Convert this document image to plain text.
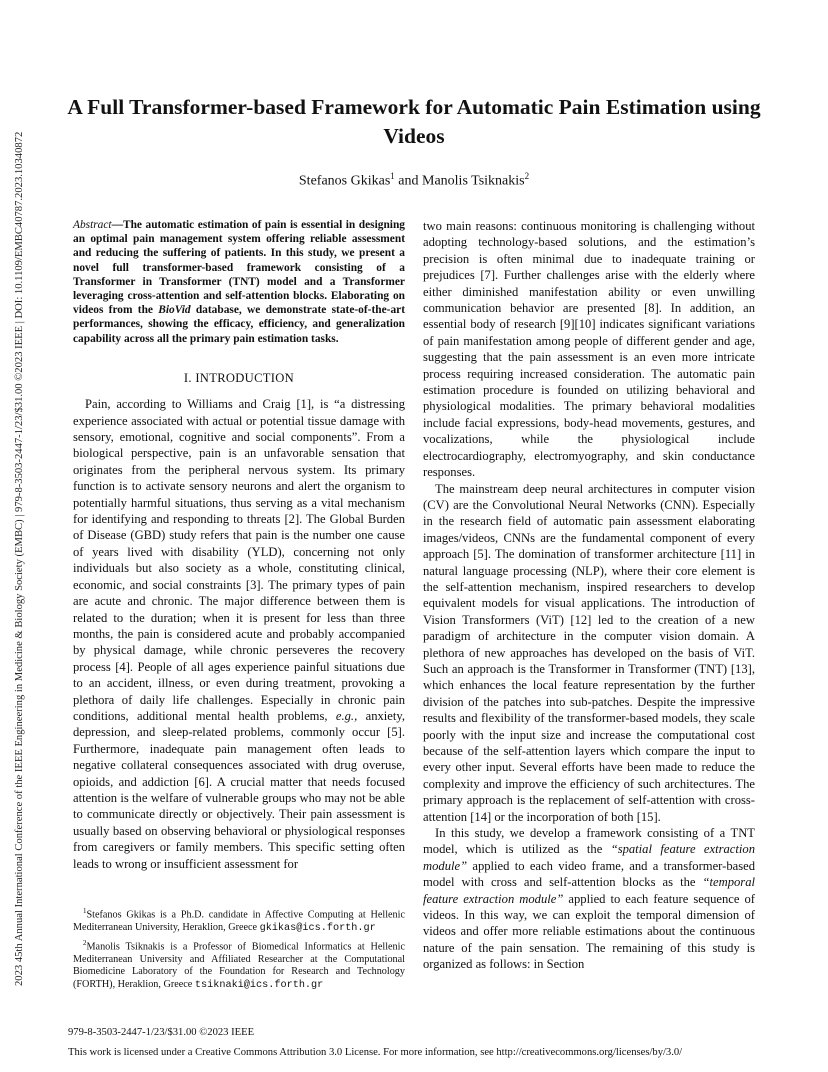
2023 45th Annual International Conference of the IEEE Engineering in Medicine & Biology Society (EMBC) | 979-8-3503-2447-1/23/$31.00 ©2023 IEEE | DOI: 10.1109/EMBC40787.2023.10340872
A Full Transformer-based Framework for Automatic Pain Estimation using Videos
Stefanos Gkikas$^1$ and Manolis Tsiknakis$^2$

Abstract—The automatic estimation of pain is essential in designing an optimal pain management system offering reliable assessment and reducing the suffering of patients. In this study, we present a novel full transformer-based framework consisting of a Transformer in Transformer (TNT) model and a Transformer leveraging cross-attention and self-attention blocks. Elaborating on videos from the BioVid database, we demonstrate state-of-the-art performances, showing the efficacy, efficiency, and generalization capability across all the primary pain estimation tasks.

I. INTRODUCTION

Pain, according to Williams and Craig [1], is “a distressing experience associated with actual or potential tissue damage with sensory, emotional, cognitive and social components”. From a biological perspective, pain is an unfavorable sensation that originates from the peripheral nervous system. Its primary function is to activate sensory neurons and alert the organism to potentially harmful situations, thus serving as a vital mechanism for identifying and responding to threats [2]. The Global Burden of Disease (GBD) study refers that pain is the number one cause of years lived with disability (YLD), concerning not only individuals but also society as a whole, constituting clinical, economic, and social constraints [3]. The primary types of pain are acute and chronic. The major difference between them is related to the duration; when it is present for less than three months, the pain is considered acute and probably accompanied by physical damage, while chronic perseveres the recovery process [4]. People of all ages experience painful situations due to an accident, illness, or even during treatment, provoking a plethora of daily life challenges. Especially in chronic pain conditions, additional mental health problems, e.g., anxiety, depression, and sleep-related problems, commonly occur [5]. Furthermore, inadequate pain management often leads to negative collateral consequences associated with drug overuse, opioids, and addiction [6]. A crucial matter that needs focused attention is the welfare of vulnerable groups who may not be able to communicate directly or objectively. Their pain assessment is usually based on observing behavioral or physiological responses from caregivers or family members. This specific setting often leads to wrong or insufficient assessment for

two main reasons: continuous monitoring is challenging without adopting technology-based solutions, and the estimation’s precision is often minimal due to inadequate training or prejudices [7]. Further challenges arise with the elderly where either diminished manifestation ability or even unwilling communication behavior are presented [8]. In addition, an essential body of research [9][10] indicates significant variations of pain manifestation among people of different gender and age, suggesting that the pain assessment is an even more intricate process requiring increased consideration. The automatic pain estimation procedure is founded on utilizing behavioral and physiological modalities. The primary behavioral modalities include facial expressions, body-head movements, gestures, and vocalizations, while the physiological include electrocardiography, electromyography, and skin conductance responses.

The mainstream deep neural architectures in computer vision (CV) are the Convolutional Neural Networks (CNN). Especially in the research field of automatic pain assessment elaborating images/videos, CNNs are the fundamental component of every approach [5]. The domination of transformer architecture [11] in natural language processing (NLP), where their core element is the self-attention mechanism, inspired researchers to develop equivalent models for visual applications. The introduction of Vision Transformers (ViT) [12] led to the creation of a new paradigm of architecture in the computer vision domain. A plethora of new approaches has developed on the basis of ViT. Such an approach is the Transformer in Transformer (TNT) [13], which enhances the local feature representation by the further division of the patches into sub-patches. Despite the impressive results and flexibility of the transformer-based models, they scale poorly with the input size and increase the computational cost because of the self-attention layers which compare the input to every other input. Several efforts have been made to reduce the complexity and improve the efficiency of such architectures. The primary approach is the replacement of self-attention with cross-attention [14] or the incorporation of both [15].

In this study, we develop a framework consisting of a TNT model, which is utilized as the “spatial feature extraction module” applied to each video frame, and a transformer-based model with cross and self-attention blocks as the “temporal feature extraction module” applied to each feature sequence of videos. In this way, we can exploit the temporal dimension of videos and offer more reliable estimations about the continuous nature of the pain sensation. The remaining of this study is organized as follows: in Section

$^1$Stefanos Gkikas is a Ph.D. candidate in Affective Computing at Hellenic Mediterranean University, Heraklion, Greece gkikas@ics.forth.gr

$^2$Manolis Tsiknakis is a Professor of Biomedical Informatics at Hellenic Mediterranean University and Affiliated Researcher at the Computational Biomedicine Laboratory of the Foundation for Research and Technology (FORTH), Heraklion, Greece tsiknaki@ics.forth.gr

979-8-3503-2447-1/23/$31.00 ©2023 IEEE
This work is licensed under a Creative Commons Attribution 3.0 License. For more information, see http://creativecommons.org/licenses/by/3.0/
